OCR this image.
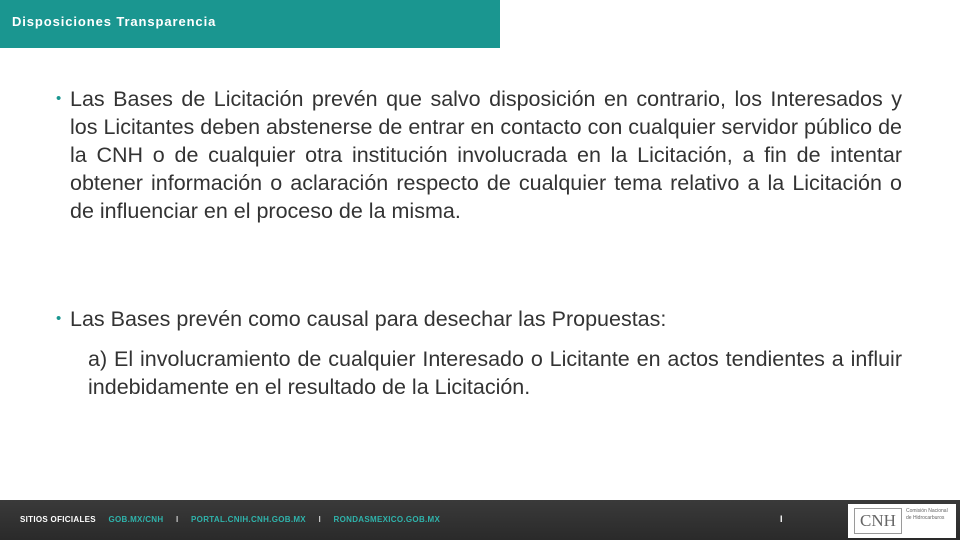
Disposiciones Transparencia
• Las Bases de Licitación prevén que salvo disposición en contrario, los Interesados y los Licitantes deben abstenerse de entrar en contacto con cualquier servidor público de la CNH o de cualquier otra institución involucrada en la Licitación, a fin de intentar obtener información o aclaración respecto de cualquier tema relativo a la Licitación o de influenciar en el proceso de la misma.
• Las Bases prevén como causal para desechar las Propuestas:
a) El involucramiento de cualquier Interesado o Licitante en actos tendientes a influir indebidamente en el resultado de la Licitación.
SITIOS OFICIALES GOB.MX/CNH I PORTAL.CNIH.CNH.GOB.MX I RONDASMEXICO.GOB.MX	I	CNH	Comisión Nacional de Hidrocarburos
